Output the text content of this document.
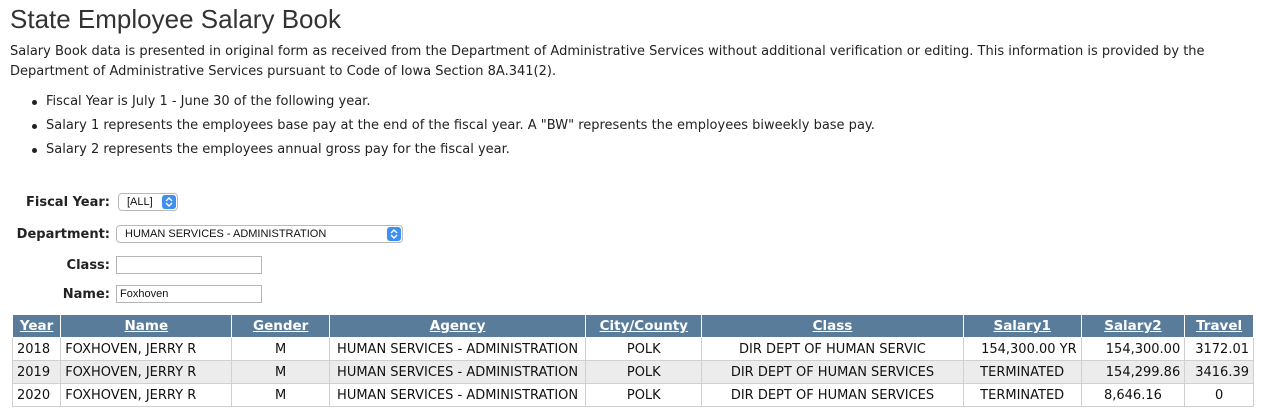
State Employee Salary Book

Salary Book data is presented in original form as received from the Department of Administrative Services without additional verification or editing. This information is provided by the Department of Administrative Services pursuant to Code of Iowa Section 8A.341(2).

Fiscal Year is July 1 - June 30 of the following year.
Salary 1 represents the employees base pay at the end of the fiscal year. A "BW" represents the employees biweekly base pay.
Salary 2 represents the employees annual gross pay for the fiscal year.
Fiscal Year: [ALL]
Department: HUMAN SERVICES - ADMINISTRATION
Class:
Name: Foxhoven
Year	Name	Gender	Agency	City/County	Class	Salary1	Salary2	Travel
2018	FOXHOVEN, JERRY R	M	HUMAN SERVICES - ADMINISTRATION	POLK	DIR DEPT OF HUMAN SERVIC	154,300.00 YR	154,300.00	3172.01
2019	FOXHOVEN, JERRY R	M	HUMAN SERVICES - ADMINISTRATION	POLK	DIR DEPT OF HUMAN SERVICES	TERMINATED	154,299.86	3416.39
2020	FOXHOVEN, JERRY R	M	HUMAN SERVICES - ADMINISTRATION	POLK	DIR DEPT OF HUMAN SERVICES	TERMINATED	8,646.16	0
